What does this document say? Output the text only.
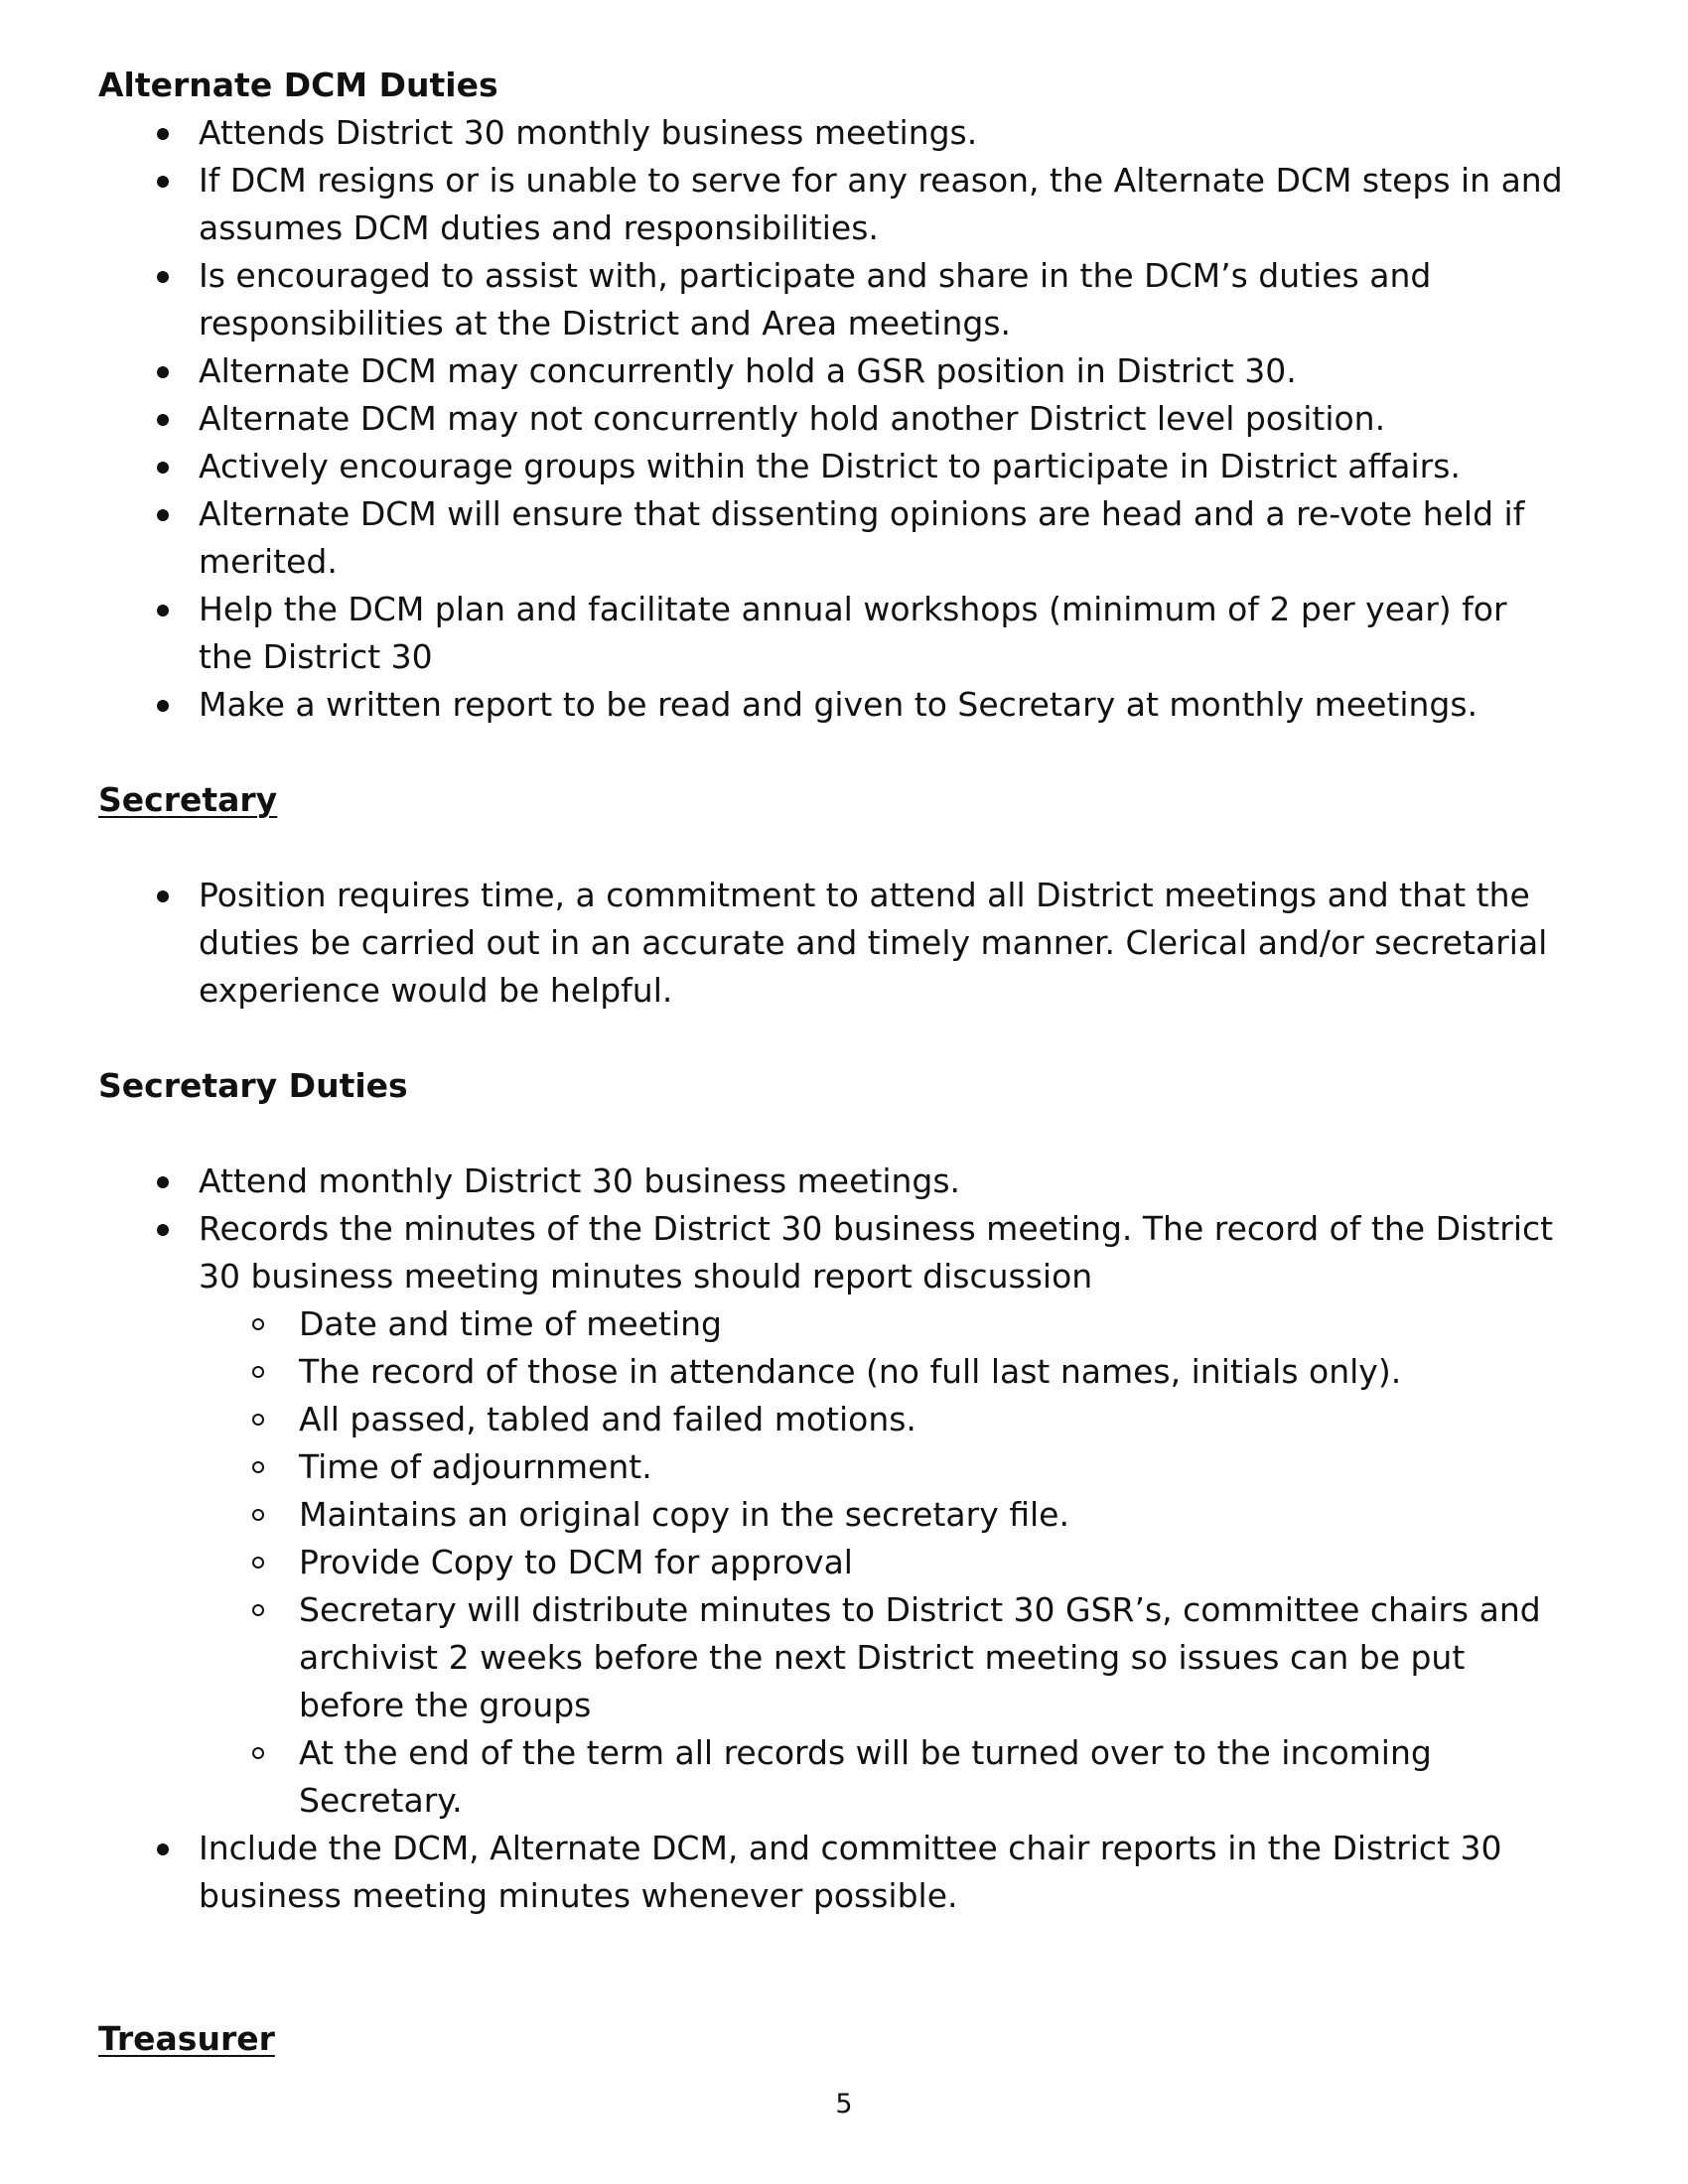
Alternate DCM Duties
Attends District 30 monthly business meetings.
If DCM resigns or is unable to serve for any reason, the Alternate DCM steps in and assumes DCM duties and responsibilities.
Is encouraged to assist with, participate and share in the DCM’s duties and responsibilities at the District and Area meetings.
Alternate DCM may concurrently hold a GSR position in District 30.
Alternate DCM may not concurrently hold another District level position.
Actively encourage groups within the District to participate in District affairs.
Alternate DCM will ensure that dissenting opinions are head and a re-vote held if merited.
Help the DCM plan and facilitate annual workshops (minimum of 2 per year) for the District 30
Make a written report to be read and given to Secretary at monthly meetings.
Secretary
Position requires time, a commitment to attend all District meetings and that the duties be carried out in an accurate and timely manner. Clerical and/or secretarial experience would be helpful.
Secretary Duties
Attend monthly District 30 business meetings.
Records the minutes of the District 30 business meeting. The record of the District 30 business meeting minutes should report discussion
Date and time of meeting
The record of those in attendance (no full last names, initials only).
All passed, tabled and failed motions.
Time of adjournment.
Maintains an original copy in the secretary file.
Provide Copy to DCM for approval
Secretary will distribute minutes to District 30 GSR’s, committee chairs and archivist 2 weeks before the next District meeting so issues can be put before the groups
At the end of the term all records will be turned over to the incoming Secretary.
Include the DCM, Alternate DCM, and committee chair reports in the District 30 business meeting minutes whenever possible.
Treasurer
5
